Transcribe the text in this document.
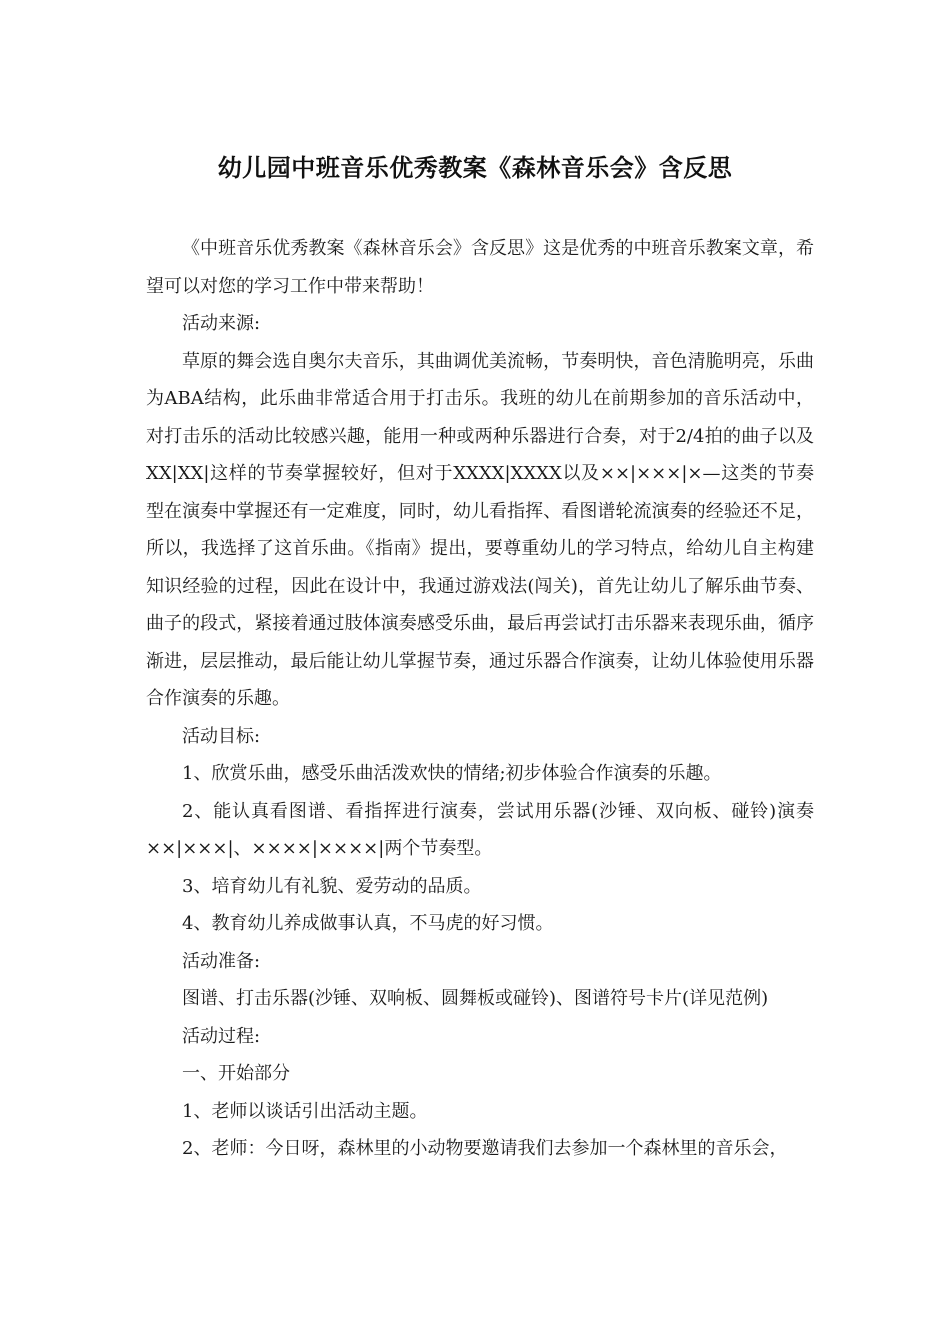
幼儿园中班音乐优秀教案《森林音乐会》含反思

《中班音乐优秀教案《森林音乐会》含反思》这是优秀的中班音乐教案文章，希望可以对您的学习工作中带来帮助！

活动来源:

草原的舞会选自奥尔夫音乐，其曲调优美流畅，节奏明快，音色清脆明亮，乐曲为ABA结构，此乐曲非常适合用于打击乐。我班的幼儿在前期参加的音乐活动中，对打击乐的活动比较感兴趣，能用一种或两种乐器进行合奏，对于2/4拍的曲子以及XX|XX|这样的节奏掌握较好，但对于XXXX|XXXX以及××|×××|×—这类的节奏型在演奏中掌握还有一定难度，同时，幼儿看指挥、看图谱轮流演奏的经验还不足，所以，我选择了这首乐曲。《指南》提出，要尊重幼儿的学习特点，给幼儿自主构建知识经验的过程，因此在设计中，我通过游戏法(闯关)，首先让幼儿了解乐曲节奏、曲子的段式，紧接着通过肢体演奏感受乐曲，最后再尝试打击乐器来表现乐曲，循序渐进，层层推动，最后能让幼儿掌握节奏，通过乐器合作演奏，让幼儿体验使用乐器合作演奏的乐趣。

活动目标:

1、欣赏乐曲，感受乐曲活泼欢快的情绪;初步体验合作演奏的乐趣。

2、能认真看图谱、看指挥进行演奏，尝试用乐器(沙锤、双向板、碰铃)演奏××|×××|、××××|××××|两个节奏型。

3、培育幼儿有礼貌、爱劳动的品质。

4、教育幼儿养成做事认真，不马虎的好习惯。

活动准备:

图谱、打击乐器(沙锤、双响板、圆舞板或碰铃)、图谱符号卡片(详见范例)

活动过程:

一、开始部分

1、老师以谈话引出活动主题。

2、老师：今日呀，森林里的小动物要邀请我们去参加一个森林里的音乐会，
